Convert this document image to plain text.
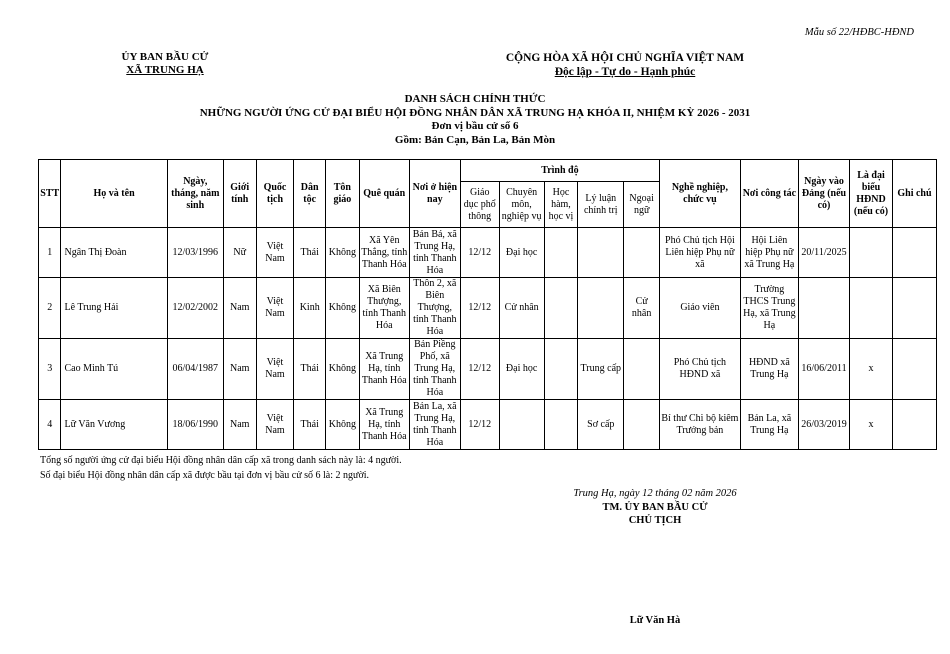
Mẫu số 22/HĐBC-HĐND
ỦY BAN BẦU CỬ
XÃ TRUNG HẠ
CỘNG HÒA XÃ HỘI CHỦ NGHĨA VIỆT NAM
Độc lập - Tự do - Hạnh phúc
DANH SÁCH CHÍNH THỨC
NHỮNG NGƯỜI ỨNG CỬ ĐẠI BIỂU HỘI ĐỒNG NHÂN DÂN XÃ TRUNG HẠ KHÓA II, NHIỆM KỲ 2026 - 2031
Đơn vị bầu cử số 6
Gồm: Bản Cạn, Bản La, Bản Mòn
STT	Họ và tên	Ngày, tháng, năm sinh	Giới tính	Quốc tịch	Dân tộc	Tôn giáo	Quê quán	Nơi ở hiện nay	Trình độ					Nghề nghiệp, chức vụ	Nơi công tác	Ngày vào Đảng (nếu có)	Là đại biểu HĐND (nếu có)	Ghi chú
									Giáo dục phổ thông	Chuyên môn, nghiệp vụ	Học hàm, học vị	Lý luận chính trị	Ngoại ngữ					
1	Ngân Thị Đoàn	12/03/1996	Nữ	Việt Nam	Thái	Không	Xã Yên Thắng, tỉnh Thanh Hóa	Bản Bá, xã Trung Hạ, tỉnh Thanh Hóa	12/12	Đại học				Phó Chủ tịch Hội Liên hiệp Phụ nữ xã	Hội Liên hiệp Phụ nữ xã Trung Hạ	20/11/2025		
2	Lê Trung Hải	12/02/2002	Nam	Việt Nam	Kinh	Không	Xã Biên Thượng, tỉnh Thanh Hóa	Thôn 2, xã Biên Thượng, tỉnh Thanh Hóa	12/12	Cử nhân			Cử nhân	Giáo viên	Trường THCS Trung Hạ, xã Trung Hạ			
3	Cao Minh Tú	06/04/1987	Nam	Việt Nam	Thái	Không	Xã Trung Hạ, tỉnh Thanh Hóa	Bản Piềng Phố, xã Trung Hạ, tỉnh Thanh Hóa	12/12	Đại học		Trung cấp		Phó Chủ tịch HĐND xã	HĐND xã Trung Hạ	16/06/2011	x	
4	Lữ Văn Vương	18/06/1990	Nam	Việt Nam	Thái	Không	Xã Trung Hạ, tỉnh Thanh Hóa	Bản La, xã Trung Hạ, tỉnh Thanh Hóa	12/12			Sơ cấp		Bí thư Chi bộ kiêm Trưởng bản	Bản La, xã Trung Hạ	26/03/2019	x	
Tổng số người ứng cử đại biểu Hội đồng nhân dân cấp xã trong danh sách này là: 4 người.
Số đại biểu Hội đồng nhân dân cấp xã được bầu tại đơn vị bầu cử số 6 là: 2 người.
Trung Hạ, ngày 12 tháng 02 năm 2026
TM. ỦY BAN BẦU CỬ
CHỦ TỊCH
Lữ Văn Hà
